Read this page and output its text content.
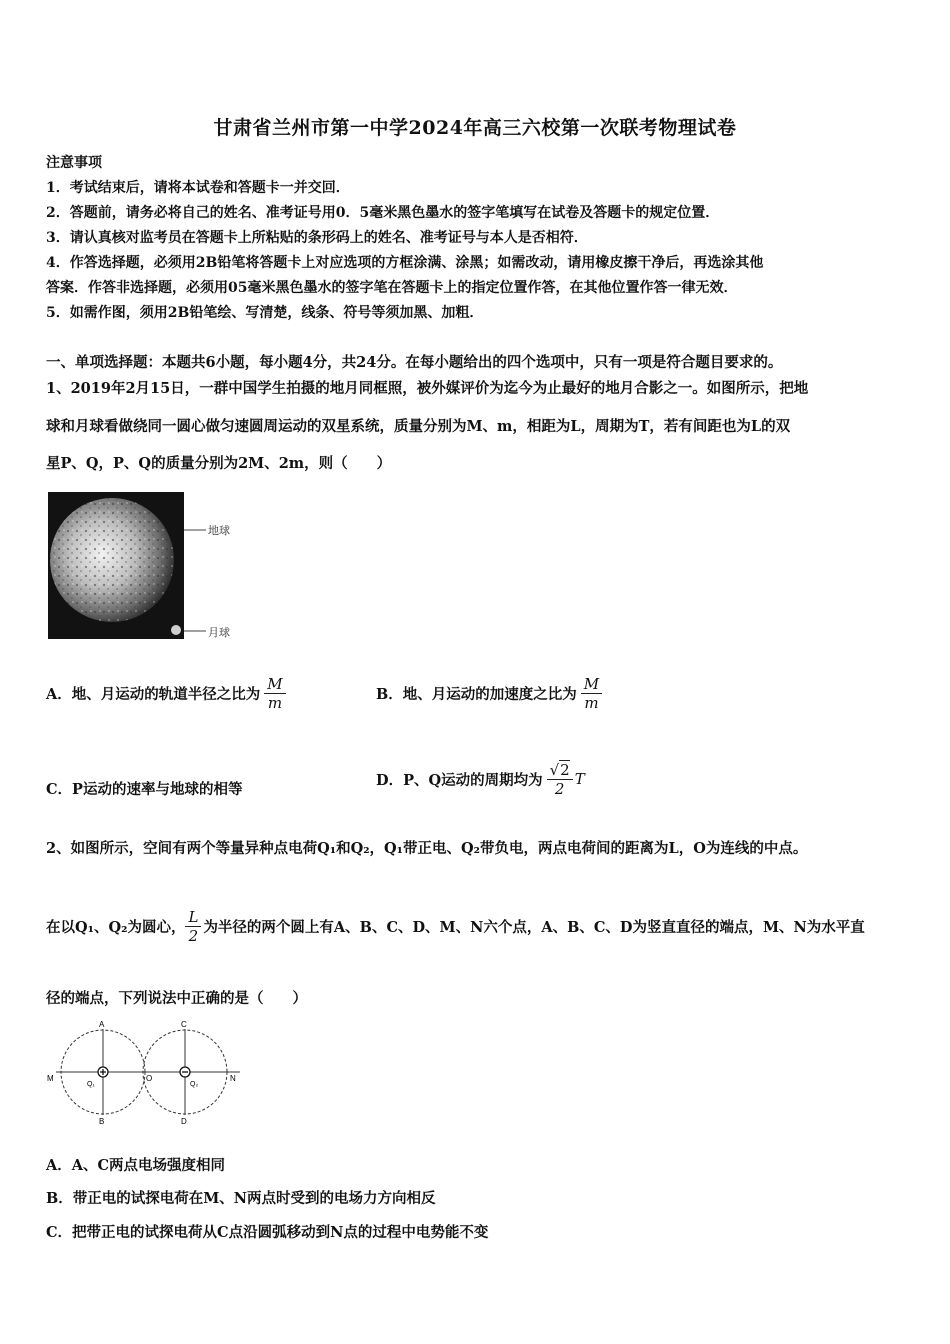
甘肃省兰州市第一中学2024年高三六校第一次联考物理试卷
注意事项
1．考试结束后，请将本试卷和答题卡一并交回．
2．答题前，请务必将自己的姓名、准考证号用0．5毫米黑色墨水的签字笔填写在试卷及答题卡的规定位置．
3．请认真核对监考员在答题卡上所粘贴的条形码上的姓名、准考证号与本人是否相符．
4．作答选择题，必须用2B铅笔将答题卡上对应选项的方框涂满、涂黑；如需改动，请用橡皮擦干净后，再选涂其他
答案．作答非选择题，必须用05毫米黑色墨水的签字笔在答题卡上的指定位置作答，在其他位置作答一律无效．
5．如需作图，须用2B铅笔绘、写清楚，线条、符号等须加黑、加粗．
一、单项选择题：本题共6小题，每小题4分，共24分。在每小题给出的四个选项中，只有一项是符合题目要求的。
1、2019年2月15日，一群中国学生拍摄的地月同框照，被外媒评价为迄今为止最好的地月合影之一。如图所示，把地
球和月球看做绕同一圆心做匀速圆周运动的双星系统，质量分别为M、m，相距为L，周期为T，若有间距也为L的双
星P、Q，P、Q的质量分别为2M、2m，则（　　）
地球
月球
A．地、月运动的轨道半径之比为 $\frac{M}{m}$	B．地、月运动的加速度之比为 $\frac{M}{m}$
C．P运动的速率与地球的相等
D．P、Q运动的周期均为 $\frac{√2}{2}$ T
2、如图所示，空间有两个等量异种点电荷Q₁和Q₂，Q₁带正电、Q₂带负电，两点电荷间的距离为L，O为连线的中点。
在以Q₁、Q₂为圆心， $\frac{L}{2}$ 为半径的两个圆上有A、B、C、D、M、N六个点，A、B、C、D为竖直直径的端点，M、N为水平直
径的端点，下列说法中正确的是（　　）
A
B
C
D
M	N
O
Q₁	Q₂
A．A、C两点电场强度相同
B．带正电的试探电荷在M、N两点时受到的电场力方向相反
C．把带正电的试探电荷从C点沿圆弧移动到N点的过程中电势能不变
